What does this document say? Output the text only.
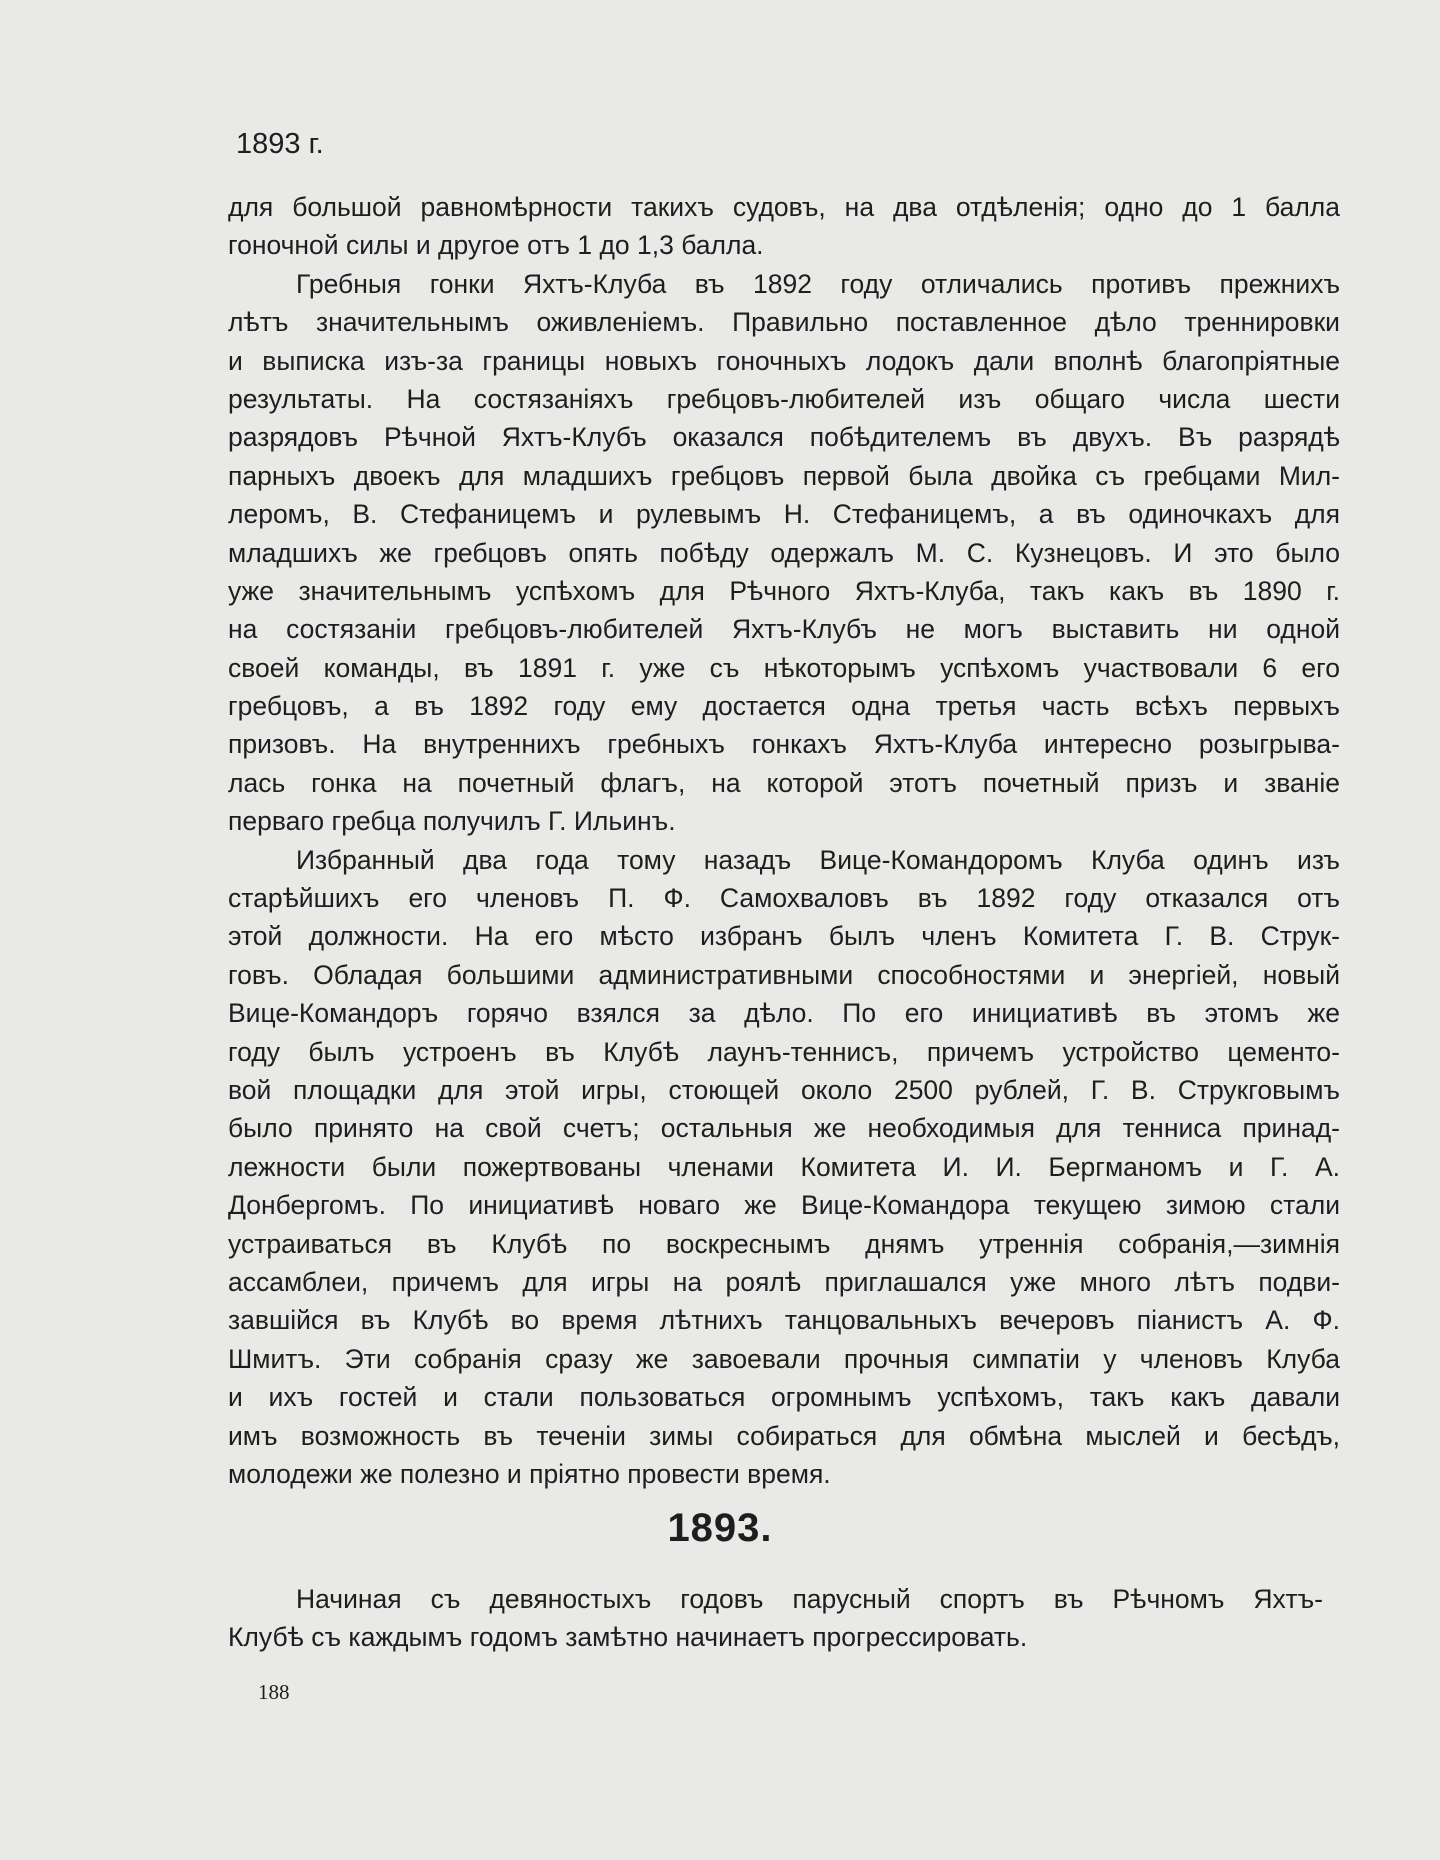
1893 г.
для большой равномѣрности такихъ судовъ, на два отдѣленія; одно до 1 балла
гоночной силы и другое отъ 1 до 1,3 балла.
Гребныя гонки Яхтъ-Клуба въ 1892 году отличались противъ прежнихъ
лѣтъ значительнымъ оживленіемъ. Правильно поставленное дѣло треннировки
и выписка изъ-за границы новыхъ гоночныхъ лодокъ дали вполнѣ благопріятные
результаты. На состязаніяхъ гребцовъ-любителей изъ общаго числа шести
разрядовъ Рѣчной Яхтъ-Клубъ оказался побѣдителемъ въ двухъ. Въ разрядѣ
парныхъ двоекъ для младшихъ гребцовъ первой была двойка съ гребцами Мил-
леромъ, В. Стефаницемъ и рулевымъ Н. Стефаницемъ, а въ одиночкахъ для
младшихъ же гребцовъ опять побѣду одержалъ М. С. Кузнецовъ. И это было
уже значительнымъ успѣхомъ для Рѣчного Яхтъ-Клуба, такъ какъ въ 1890 г.
на состязаніи гребцовъ-любителей Яхтъ-Клубъ не могъ выставить ни одной
своей команды, въ 1891 г. уже съ нѣкоторымъ успѣхомъ участвовали 6 его
гребцовъ, а въ 1892 году ему достается одна третья часть всѣхъ первыхъ
призовъ. На внутреннихъ гребныхъ гонкахъ Яхтъ-Клуба интересно розыгрыва-
лась гонка на почетный флагъ, на которой этотъ почетный призъ и званіе
перваго гребца получилъ Г. Ильинъ.
Избранный два года тому назадъ Вице-Командоромъ Клуба одинъ изъ
старѣйшихъ его членовъ П. Ф. Самохваловъ въ 1892 году отказался отъ
этой должности. На его мѣсто избранъ былъ членъ Комитета Г. В. Струк-
говъ. Обладая большими административными способностями и энергіей, новый
Вице-Командоръ горячо взялся за дѣло. По его инициативѣ въ этомъ же
году былъ устроенъ въ Клубѣ лаунъ-теннисъ, причемъ устройство цементо-
вой площадки для этой игры, стоющей около 2500 рублей, Г. В. Струкговымъ
было принято на свой счетъ; остальныя же необходимыя для тенниса принад-
лежности были пожертвованы членами Комитета И. И. Бергманомъ и Г. А.
Донбергомъ. По инициативѣ новаго же Вице-Командора текущею зимою стали
устраиваться въ Клубѣ по воскреснымъ днямъ утреннія собранія,—зимнія
ассамблеи, причемъ для игры на роялѣ приглашался уже много лѣтъ подви-
завшійся въ Клубѣ во время лѣтнихъ танцовальныхъ вечеровъ піанистъ А. Ф.
Шмитъ. Эти собранія сразу же завоевали прочныя симпатіи у членовъ Клуба
и ихъ гостей и стали пользоваться огромнымъ успѣхомъ, такъ какъ давали
имъ возможность въ теченіи зимы собираться для обмѣна мыслей и бесѣдъ,
молодежи же полезно и пріятно провести время.
1893.
Начиная съ девяностыхъ годовъ парусный спортъ въ Рѣчномъ Яхтъ-
Клубѣ съ каждымъ годомъ замѣтно начинаетъ прогрессировать.
188
